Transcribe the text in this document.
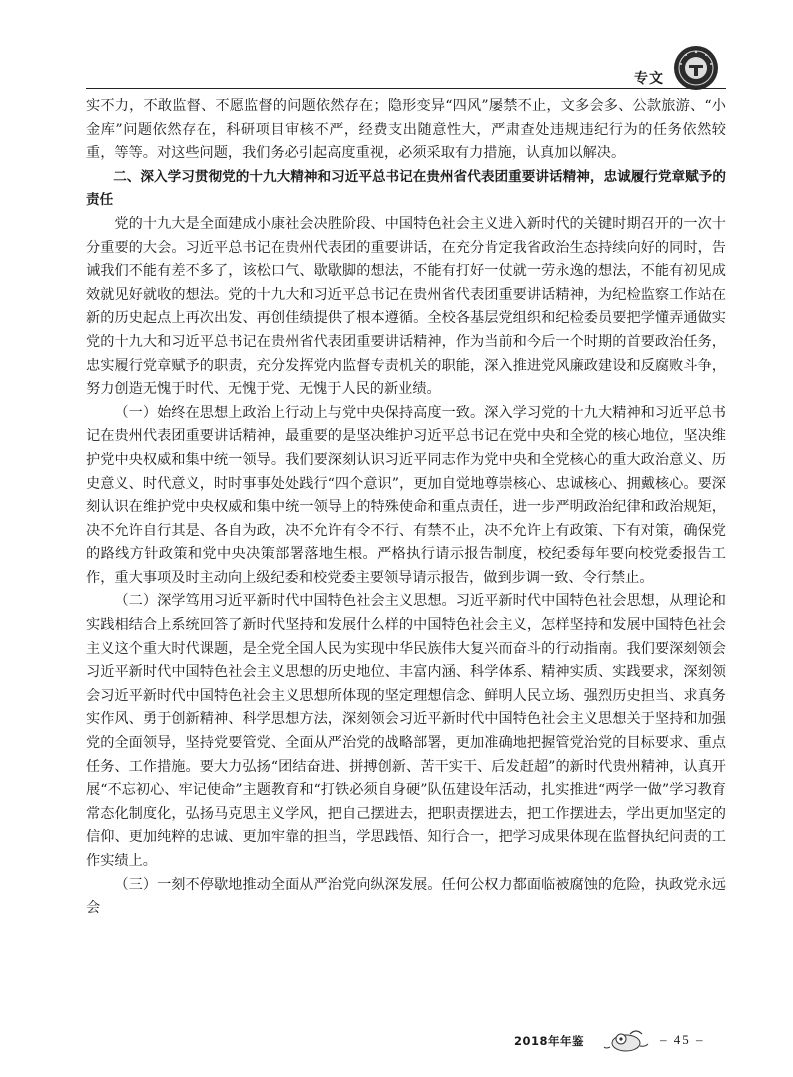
专文

实不力，不敢监督、不愿监督的问题依然存在；隐形变异“四风”屡禁不止，文多会多、公款旅游、“小金库”问题依然存在，科研项目审核不严，经费支出随意性大，严肃查处违规违纪行为的任务依然较重，等等。对这些问题，我们务必引起高度重视，必须采取有力措施，认真加以解决。

二、深入学习贯彻党的十九大精神和习近平总书记在贵州省代表团重要讲话精神，忠诚履行党章赋予的责任

党的十九大是全面建成小康社会决胜阶段、中国特色社会主义进入新时代的关键时期召开的一次十分重要的大会。习近平总书记在贵州代表团的重要讲话，在充分肯定我省政治生态持续向好的同时，告诫我们不能有差不多了，该松口气、歇歇脚的想法，不能有打好一仗就一劳永逸的想法，不能有初见成效就见好就收的想法。党的十九大和习近平总书记在贵州省代表团重要讲话精神，为纪检监察工作站在新的历史起点上再次出发、再创佳绩提供了根本遵循。全校各基层党组织和纪检委员要把学懂弄通做实党的十九大和习近平总书记在贵州省代表团重要讲话精神，作为当前和今后一个时期的首要政治任务，忠实履行党章赋予的职责，充分发挥党内监督专责机关的职能，深入推进党风廉政建设和反腐败斗争，努力创造无愧于时代、无愧于党、无愧于人民的新业绩。

（一）始终在思想上政治上行动上与党中央保持高度一致。深入学习党的十九大精神和习近平总书记在贵州代表团重要讲话精神，最重要的是坚决维护习近平总书记在党中央和全党的核心地位，坚决维护党中央权威和集中统一领导。我们要深刻认识习近平同志作为党中央和全党核心的重大政治意义、历史意义、时代意义，时时事事处处践行“四个意识”，更加自觉地尊崇核心、忠诚核心、拥戴核心。要深刻认识在维护党中央权威和集中统一领导上的特殊使命和重点责任，进一步严明政治纪律和政治规矩，决不允许自行其是、各自为政，决不允许有令不行、有禁不止，决不允许上有政策、下有对策，确保党的路线方针政策和党中央决策部署落地生根。严格执行请示报告制度，校纪委每年要向校党委报告工作，重大事项及时主动向上级纪委和校党委主要领导请示报告，做到步调一致、令行禁止。

（二）深学笃用习近平新时代中国特色社会主义思想。习近平新时代中国特色社会思想，从理论和实践相结合上系统回答了新时代坚持和发展什么样的中国特色社会主义，怎样坚持和发展中国特色社会主义这个重大时代课题，是全党全国人民为实现中华民族伟大复兴而奋斗的行动指南。我们要深刻领会习近平新时代中国特色社会主义思想的历史地位、丰富内涵、科学体系、精神实质、实践要求，深刻领会习近平新时代中国特色社会主义思想所体现的坚定理想信念、鲜明人民立场、强烈历史担当、求真务实作风、勇于创新精神、科学思想方法，深刻领会习近平新时代中国特色社会主义思想关于坚持和加强党的全面领导，坚持党要管党、全面从严治党的战略部署，更加准确地把握管党治党的目标要求、重点任务、工作措施。要大力弘扬“团结奋进、拼搏创新、苦干实干、后发赶超”的新时代贵州精神，认真开展“不忘初心、牢记使命”主题教育和“打铁必须自身硬”队伍建设年活动，扎实推进“两学一做”学习教育常态化制度化，弘扬马克思主义学风，把自己摆进去，把职责摆进去，把工作摆进去，学出更加坚定的信仰、更加纯粹的忠诚、更加牢靠的担当，学思践悟、知行合一，把学习成果体现在监督执纪问责的工作实绩上。

（三）一刻不停歇地推动全面从严治党向纵深发展。任何公权力都面临被腐蚀的危险，执政党永远会

2018年年鉴	– 45 –
